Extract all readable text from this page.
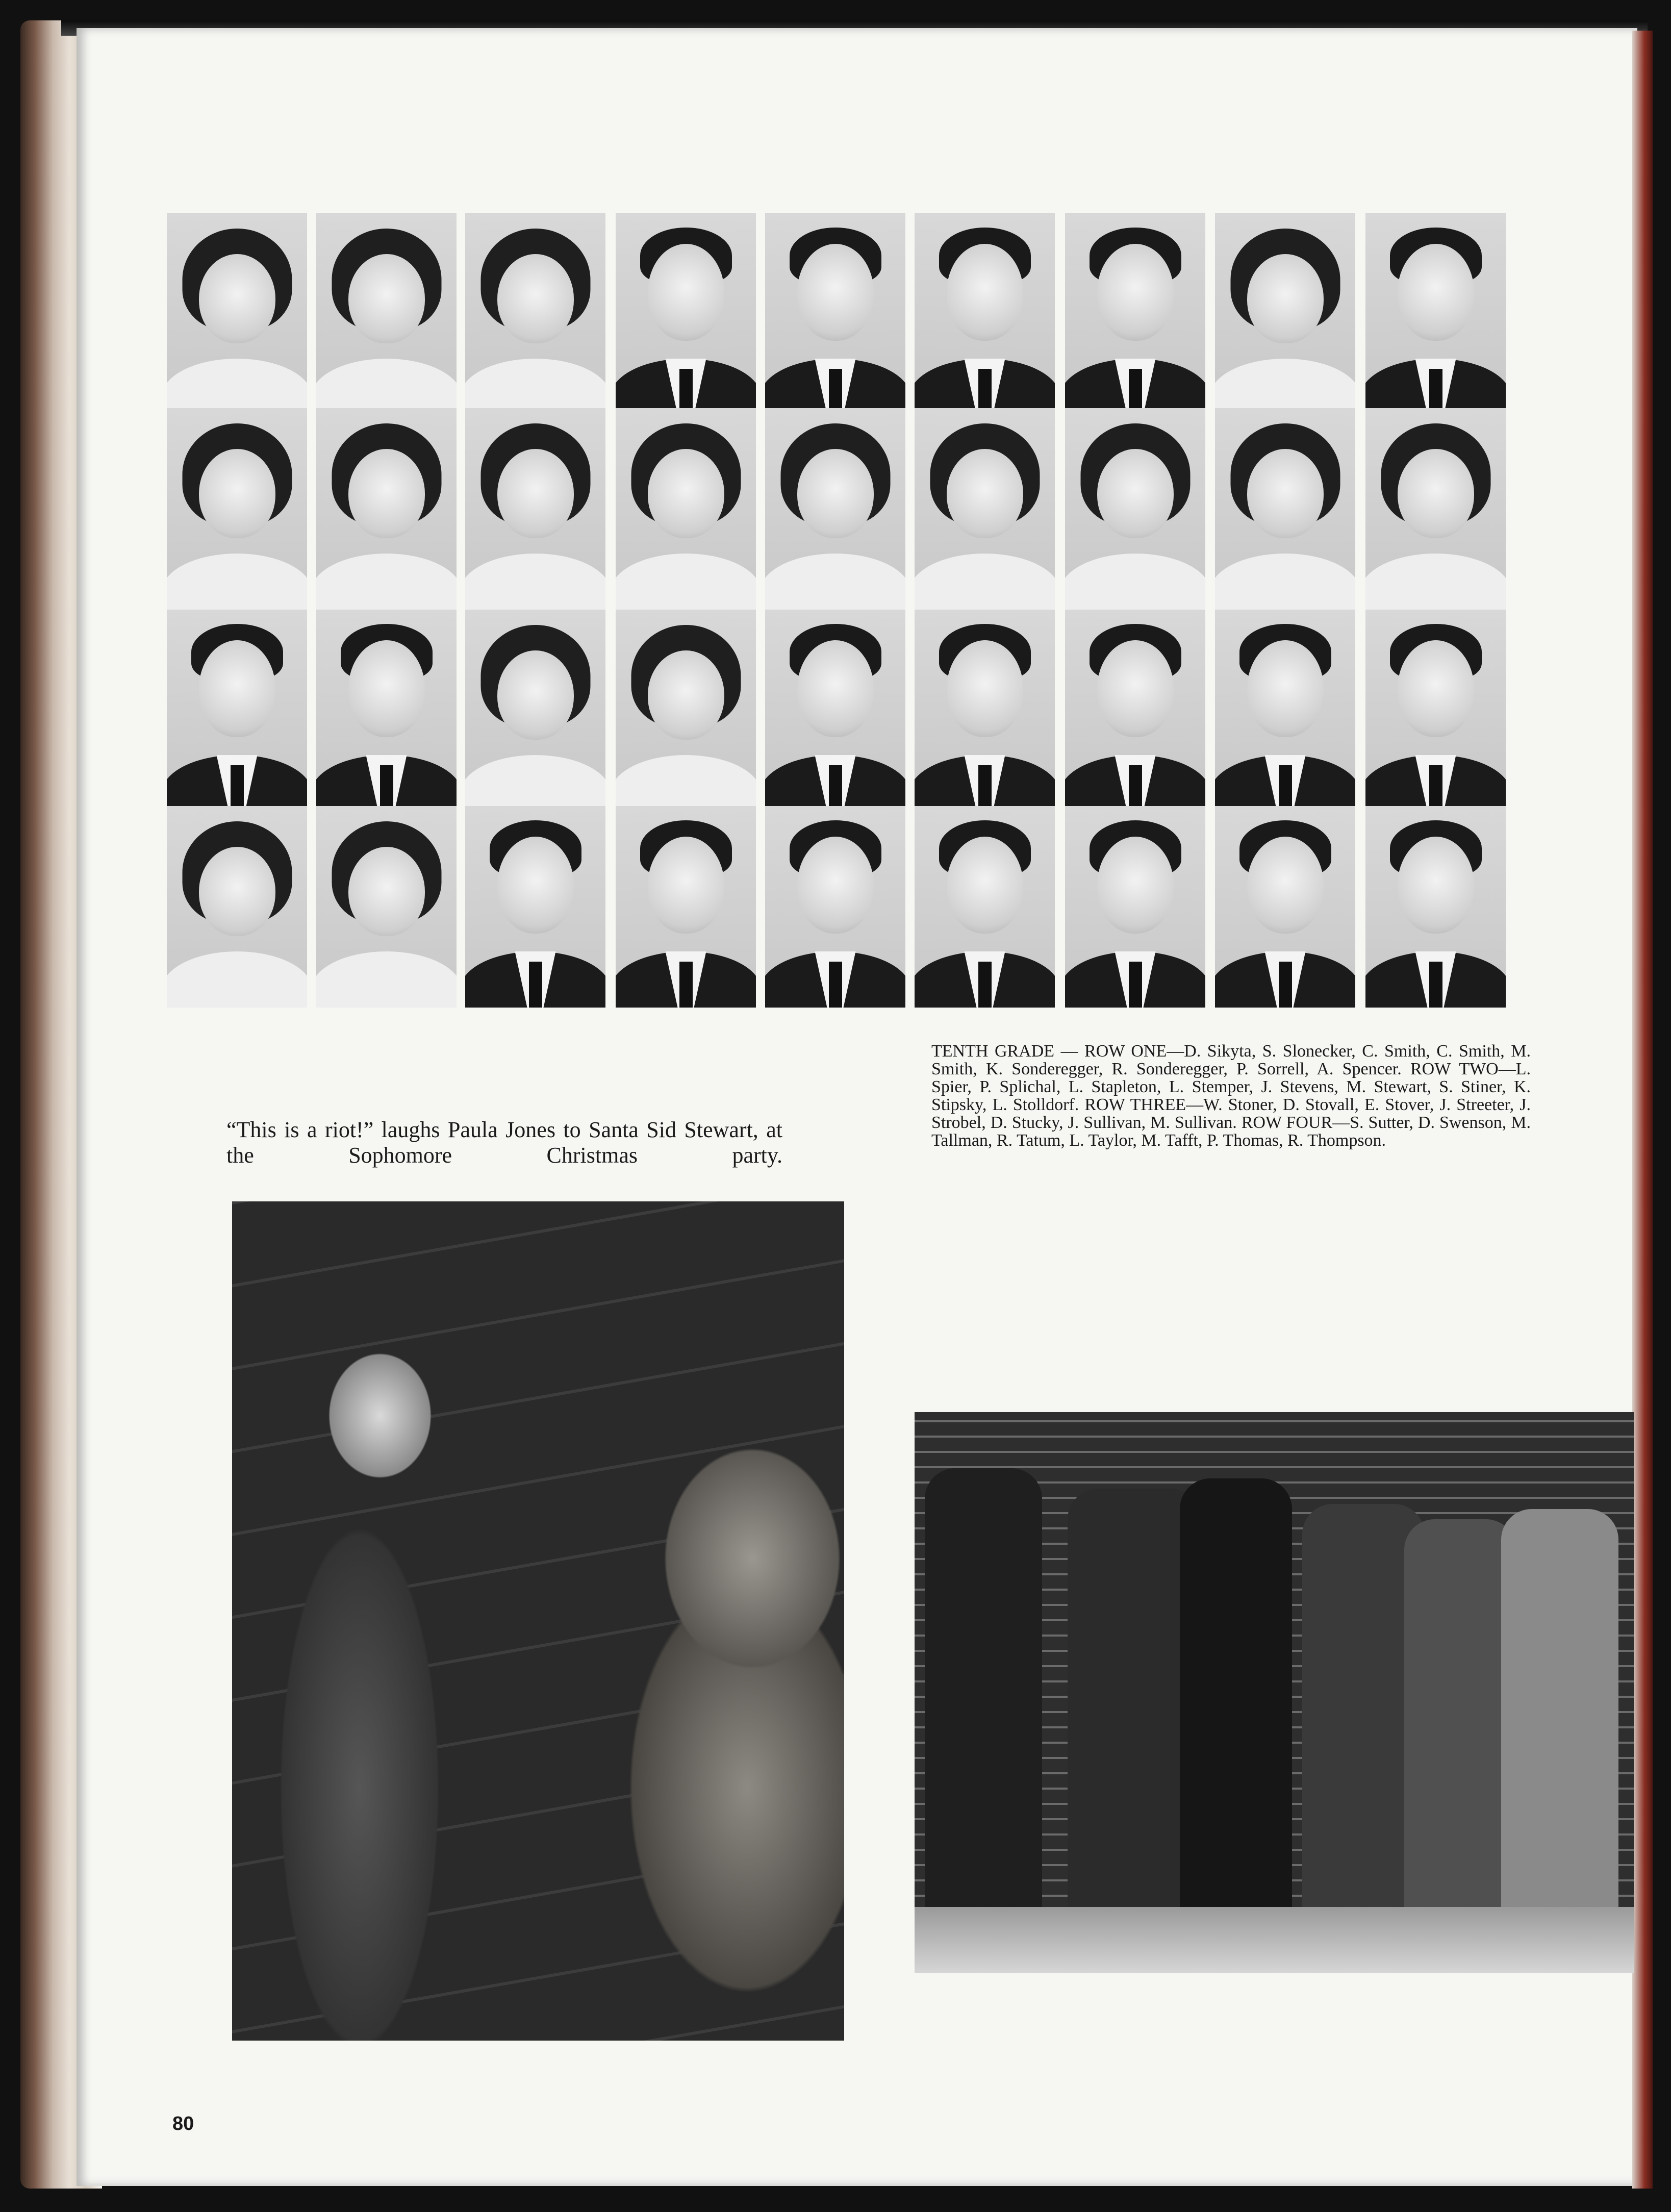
“This is a riot!” laughs Paula Jones to Santa Sid Stewart, at the Sophomore Christmas party.

TENTH GRADE — ROW ONE—D. Sikyta, S. Slonecker, C. Smith, C. Smith, M. Smith, K. Sonderegger, R. Sonderegger, P. Sorrell, A. Spencer. ROW TWO—L. Spier, P. Splichal, L. Stapleton, L. Stemper, J. Stevens, M. Stewart, S. Stiner, K. Stipsky, L. Stolldorf. ROW THREE—W. Stoner, D. Stovall, E. Stover, J. Streeter, J. Strobel, D. Stucky, J. Sullivan, M. Sullivan. ROW FOUR—S. Sutter, D. Swenson, M. Tallman, R. Tatum, L. Taylor, M. Tafft, P. Thomas, R. Thompson.

80
